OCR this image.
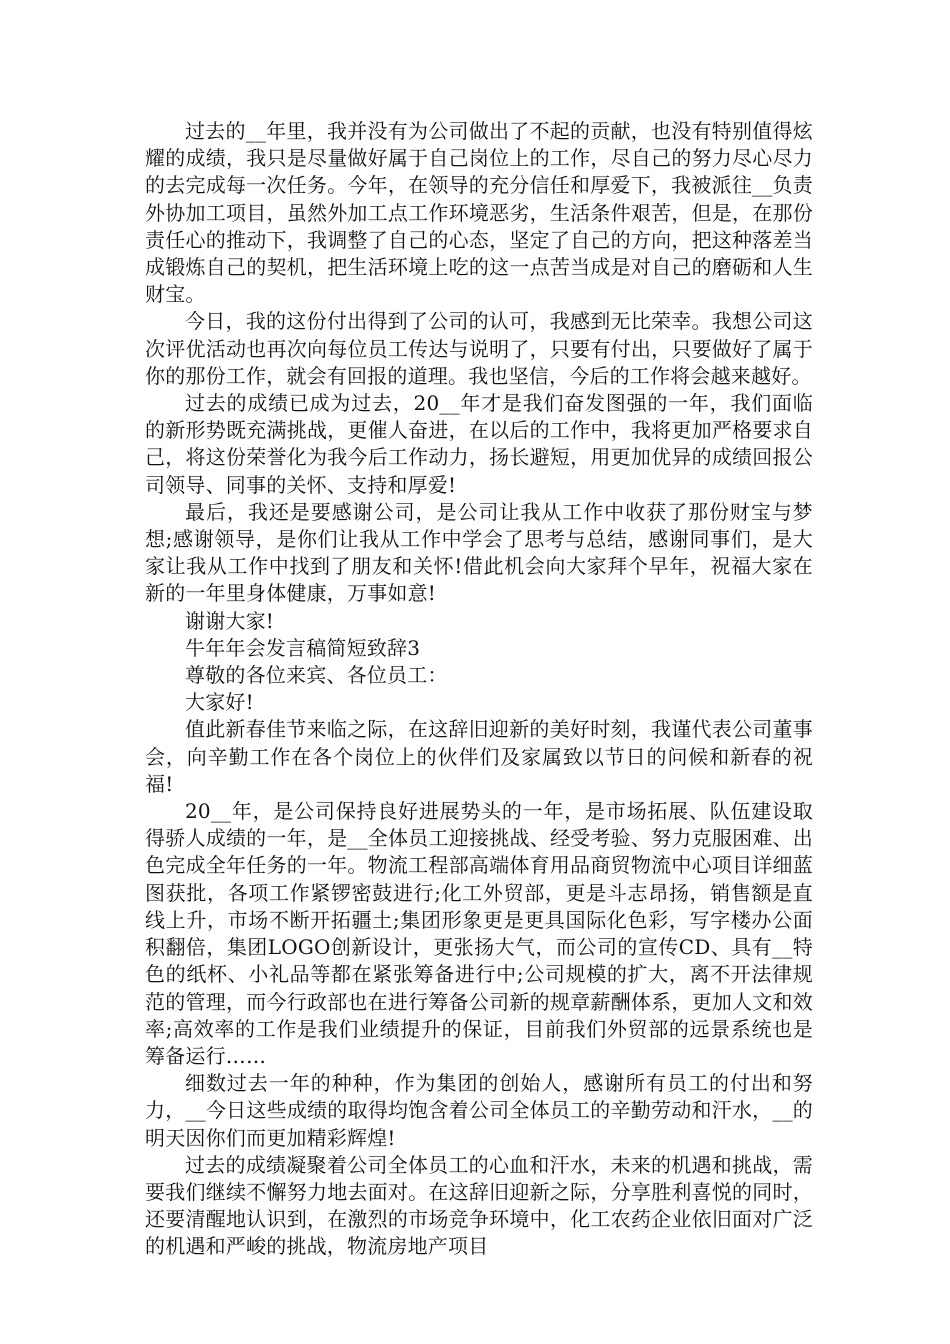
过去的__年里，我并没有为公司做出了不起的贡献，也没有特别值得炫耀的成绩，我只是尽量做好属于自己岗位上的工作，尽自己的努力尽心尽力的去完成每一次任务。今年，在领导的充分信任和厚爱下，我被派往__负责外协加工项目，虽然外加工点工作环境恶劣，生活条件艰苦，但是，在那份责任心的推动下，我调整了自己的心态，坚定了自己的方向，把这种落差当成锻炼自己的契机，把生活环境上吃的这一点苦当成是对自己的磨砺和人生财宝。

今日，我的这份付出得到了公司的认可，我感到无比荣幸。我想公司这次评优活动也再次向每位员工传达与说明了，只要有付出，只要做好了属于你的那份工作，就会有回报的道理。我也坚信，今后的工作将会越来越好。

过去的成绩已成为过去，20__年才是我们奋发图强的一年，我们面临的新形势既充满挑战，更催人奋进，在以后的工作中，我将更加严格要求自己，将这份荣誉化为我今后工作动力，扬长避短，用更加优异的成绩回报公司领导、同事的关怀、支持和厚爱!

最后，我还是要感谢公司，是公司让我从工作中收获了那份财宝与梦想;感谢领导，是你们让我从工作中学会了思考与总结，感谢同事们，是大家让我从工作中找到了朋友和关怀!借此机会向大家拜个早年，祝福大家在新的一年里身体健康，万事如意!

谢谢大家!

牛年年会发言稿简短致辞3

尊敬的各位来宾、各位员工：

大家好!

值此新春佳节来临之际，在这辞旧迎新的美好时刻，我谨代表公司董事会，向辛勤工作在各个岗位上的伙伴们及家属致以节日的问候和新春的祝福!

20__年，是公司保持良好进展势头的一年，是市场拓展、队伍建设取得骄人成绩的一年，是__全体员工迎接挑战、经受考验、努力克服困难、出色完成全年任务的一年。物流工程部高端体育用品商贸物流中心项目详细蓝图获批，各项工作紧锣密鼓进行;化工外贸部，更是斗志昂扬，销售额是直线上升，市场不断开拓疆土;集团形象更是更具国际化色彩，写字楼办公面积翻倍，集团LOGO创新设计，更张扬大气，而公司的宣传CD、具有__特色的纸杯、小礼品等都在紧张筹备进行中;公司规模的扩大，离不开法律规范的管理，而今行政部也在进行筹备公司新的规章薪酬体系，更加人文和效率;高效率的工作是我们业绩提升的保证，目前我们外贸部的远景系统也是筹备运行……

细数过去一年的种种，作为集团的创始人，感谢所有员工的付出和努力，__今日这些成绩的取得均饱含着公司全体员工的辛勤劳动和汗水，__的明天因你们而更加精彩辉煌!

过去的成绩凝聚着公司全体员工的心血和汗水，未来的机遇和挑战，需要我们继续不懈努力地去面对。在这辞旧迎新之际，分享胜利喜悦的同时，还要清醒地认识到，在激烈的市场竞争环境中，化工农药企业依旧面对广泛的机遇和严峻的挑战，物流房地产项目
